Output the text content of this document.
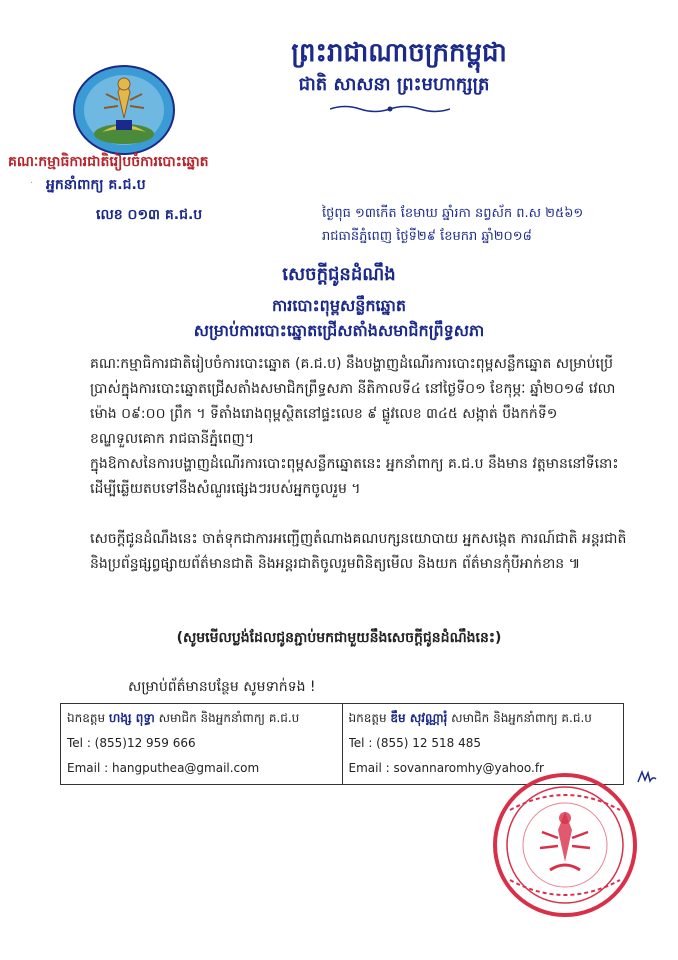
ព្រះរាជាណាចក្រកម្ពុជា
ជាតិ សាសនា ព្រះមហាក្សត្រ
គណៈកម្មាធិការជាតិរៀបចំការបោះឆ្នោត
· អ្នកនាំពាក្យ គ.ជ.ប
លេខ ០១៣ គ.ជ.ប	ថ្ងៃពុធ ១៣កើត ខែមាឃ ឆ្នាំរកា នព្វស័ក ព.ស ២៥៦១
រាជធានីភ្នំពេញ ថ្ងៃទី២៩ ខែមករា ឆ្នាំ២០១៨
សេចក្តីជូនដំណឹង
ការបោះពុម្ពសន្លឹកឆ្នោត
សម្រាប់ការបោះឆ្នោតជ្រើសតាំងសមាជិកព្រឹទ្ធសភា
គណៈកម្មាធិការជាតិរៀបចំការបោះឆ្នោត (គ.ជ.ប) នឹងបង្ហាញដំណើរការបោះពុម្ពសន្លឹកឆ្នោត សម្រាប់ប្រើប្រាស់ក្នុងការបោះឆ្នោតជ្រើសតាំងសមាជិកព្រឹទ្ធសភា នីតិកាលទី៤ នៅថ្ងៃទី០១ ខែកុម្ភៈ ឆ្នាំ២០១៨ វេលាម៉ោង ០៩:០០ ព្រឹក ។ ទីតាំងរោងពុម្ពស្ថិតនៅផ្ទះលេខ ៩ ផ្លូវលេខ ៣៤៥ សង្កាត់ បឹងកក់ទី១ ខណ្ឌទួលគោក រាជធានីភ្នំពេញ។
ក្នុងឱកាសនៃការបង្ហាញដំណើរការបោះពុម្ពសន្លឹកឆ្នោតនេះ អ្នកនាំពាក្យ គ.ជ.ប នឹងមាន វត្តមាននៅទីនោះ ដើម្បីឆ្លើយតបទៅនឹងសំណួរផ្សេងៗរបស់អ្នកចូលរួម ។
សេចក្តីជូនដំណឹងនេះ ចាត់ទុកជាការអញ្ជើញតំណាងគណបក្សនយោបាយ អ្នកសង្កេត ការណ៍ជាតិ អន្តរជាតិ និងប្រព័ន្ធផ្សព្វផ្សាយព័ត៌មានជាតិ និងអន្តរជាតិចូលរួមពិនិត្យមើល និងយក ព័ត៌មានកុំបីអាក់ខាន ៕
(សូមមើលប្លង់ដែលជូនភ្ជាប់មកជាមួយនឹងសេចក្តីជូនដំណឹងនេះ)
សម្រាប់ព័ត៌មានបន្ថែម សូមទាក់ទង !
ឯកឧត្តម ហង្ស ពុទ្ធា សមាជិក និងអ្នកនាំពាក្យ គ.ជ.ប
Tel : (855)12 959 666
Email : hangputhea@gmail.com
ឯកឧត្តម ឌឹម សុវណ្ណារុំ សមាជិក និងអ្នកនាំពាក្យ គ.ជ.ប
Tel : (855) 12 518 485
Email : sovannaromhy@yahoo.fr
